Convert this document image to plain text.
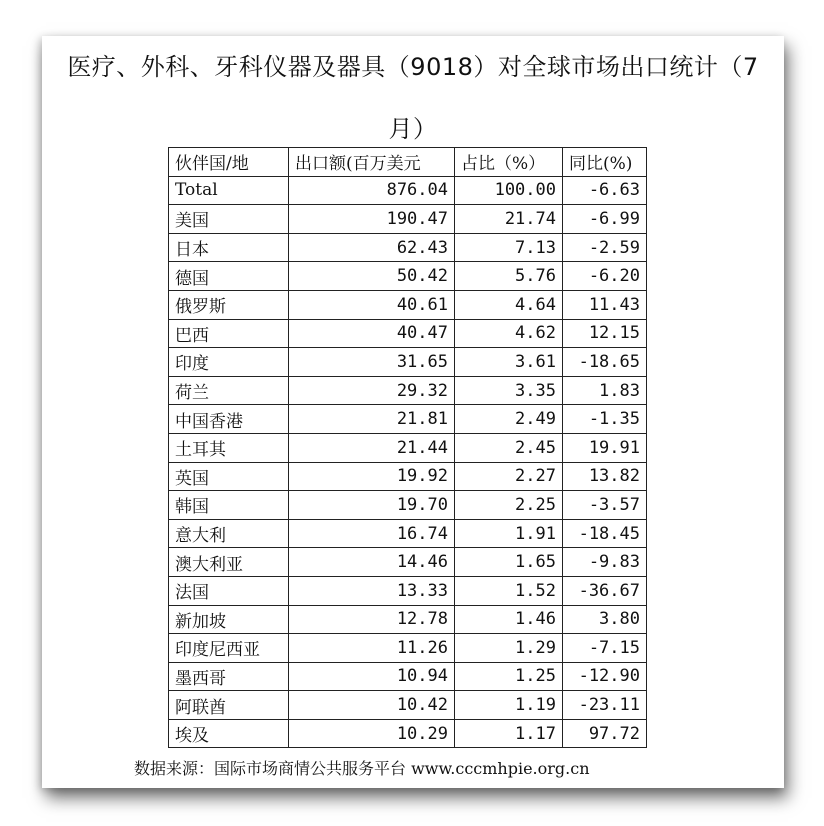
医疗、外科、牙科仪器及器具（9018）对全球市场出口统计（7
月）
伙伴国/地	出口额(百万美元	占比（%）	同比(%)
Total	876.04	100.00	-6.63
美国	190.47	21.74	-6.99
日本	62.43	7.13	-2.59
德国	50.42	5.76	-6.20
俄罗斯	40.61	4.64	11.43
巴西	40.47	4.62	12.15
印度	31.65	3.61	-18.65
荷兰	29.32	3.35	1.83
中国香港	21.81	2.49	-1.35
土耳其	21.44	2.45	19.91
英国	19.92	2.27	13.82
韩国	19.70	2.25	-3.57
意大利	16.74	1.91	-18.45
澳大利亚	14.46	1.65	-9.83
法国	13.33	1.52	-36.67
新加坡	12.78	1.46	3.80
印度尼西亚	11.26	1.29	-7.15
墨西哥	10.94	1.25	-12.90
阿联酋	10.42	1.19	-23.11
埃及	10.29	1.17	97.72
数据来源：国际市场商情公共服务平台 www.cccmhpie.org.cn
